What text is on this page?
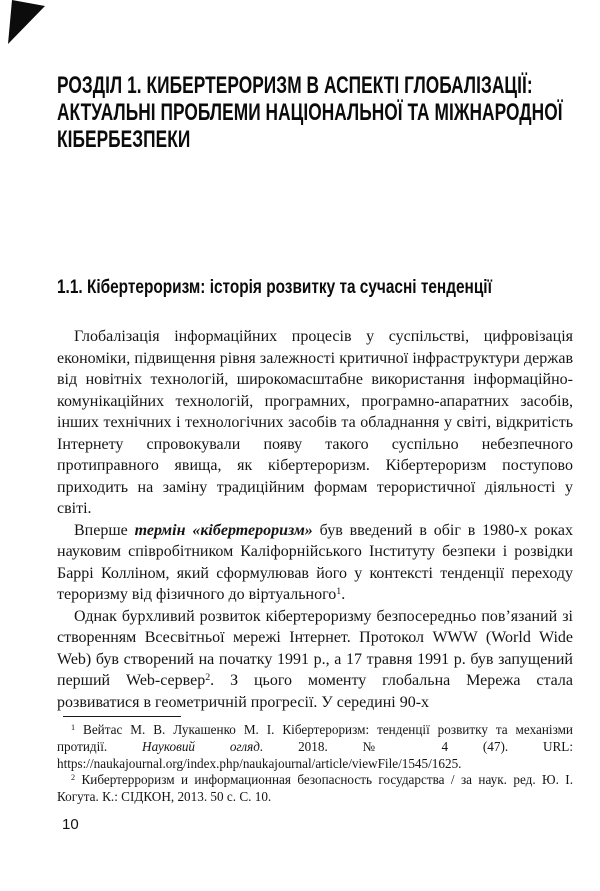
РОЗДІЛ 1. КИБЕРТЕРОРИЗМ В АСПЕКТІ ГЛОБАЛІЗАЦІЇ: АКТУАЛЬНІ ПРОБЛЕМИ НАЦІОНАЛЬНОЇ ТА МІЖНАРОДНОЇ КІБЕРБЕЗПЕКИ
1.1. Кібертероризм: історія розвитку та сучасні тенденції

Глобалізація інформаційних процесів у суспільстві, цифровізація економіки, підвищення рівня залежності критичної інфраструктури держав від новітніх технологій, широкомасштабне використання інформаційно-комунікаційних технологій, програмних, програмно-апаратних засобів, інших технічних і технологічних засобів та обладнання у світі, відкритість Інтернету спровокували появу такого суспільно небезпечного протиправного явища, як кібертероризм. Кібертероризм поступово приходить на заміну традиційним формам терористичної діяльності у світі.

Вперше термін «кібертероризм» був введений в обіг в 1980-х роках науковим співробітником Каліфорнійського Інституту безпеки і розвідки Баррі Колліном, який сформулював його у контексті тенденції переходу тероризму від фізичного до віртуального$^1$.

Однак бурхливий розвиток кібертероризму безпосередньо пов’язаний зі створенням Всесвітньої мережі Інтернет. Протокол WWW (World Wide Web) був створений на початку 1991 р., а 17 травня 1991 р. був запущений перший Web-сервер$^2$. З цього моменту глобальна Мережа стала розвиватися в геометричній прогресії. У середині 90-х

$^1$ Вейтас М. В. Лукашенко М. І. Кібертероризм: тенденції розвитку та механізми протидії. Науковий огляд. 2018. № 4 (47). URL: https://naukajournal.org/index.php/naukajournal/article/viewFile/1545/1625.

$^2$ Кибертерроризм и информационная безопасность государства / за наук. ред. Ю. І. Когута. К.: СІДКОН, 2013. 50 с. С. 10.

10
